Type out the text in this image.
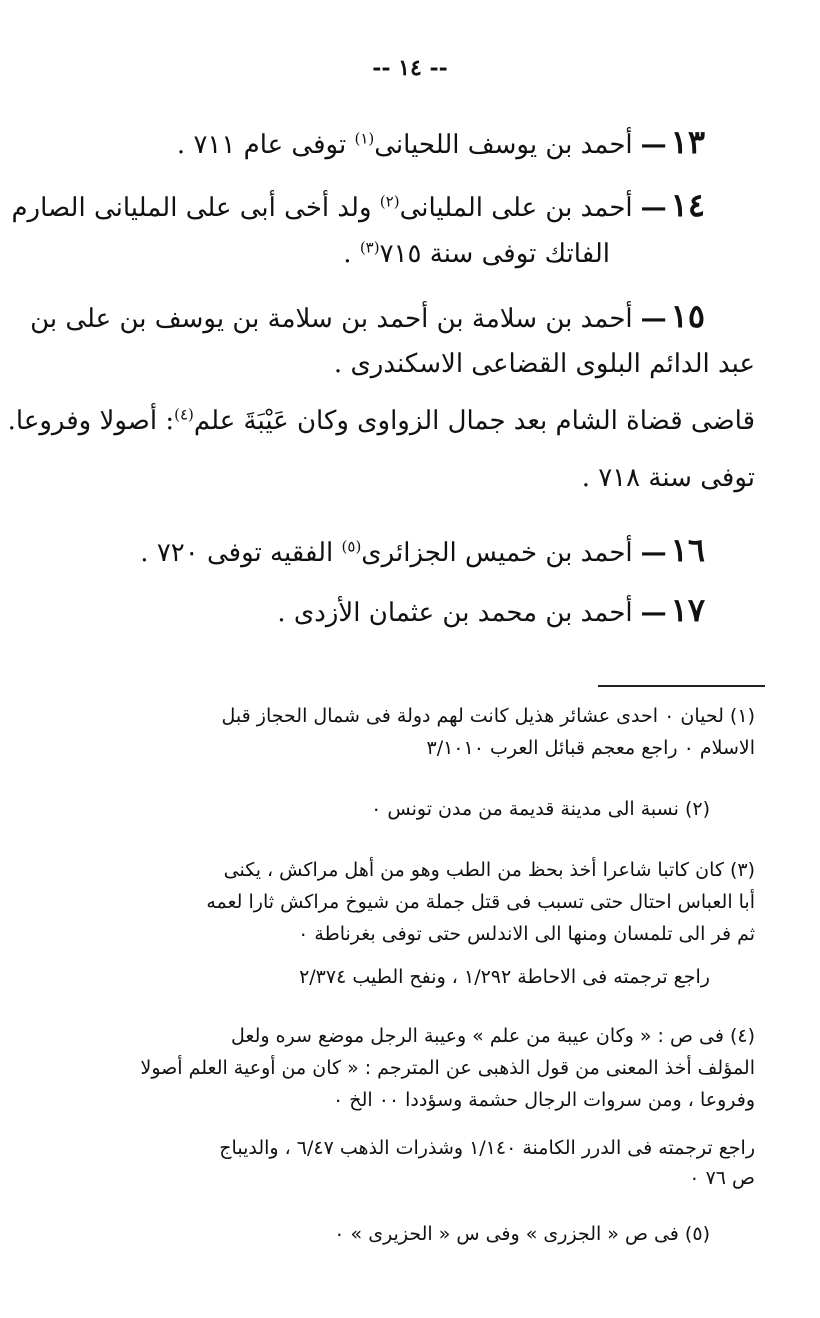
-- ١٤ --
١٣—أحمد بن يوسف اللحيانى$^{(١)}$ توفى عام ٧١١ .
١٤—أحمد بن على المليانى$^{(٢)}$ ولد أخى أبى على المليانى الصارم
الفاتك توفى سنة ٧١٥$^{(٣)}$ .
١٥—أحمد بن سلامة بن أحمد بن سلامة بن يوسف بن على بن
عبد الدائم البلوى القضاعى الاسكندرى .
قاضى قضاة الشام بعد جمال الزواوى وكان عَيْبَةَ علم$^{(٤)}$: أصولا وفروعا.
توفى سنة ٧١٨ .
١٦—أحمد بن خميس الجزائرى$^{(٥)}$ الفقيه توفى ٧٢٠ .
١٧—أحمد بن محمد بن عثمان الأزدى .
(١) لحيان ٠ احدى عشائر هذيل كانت لهم دولة فى شمال الحجاز قبل
الاسلام ٠ راجع معجم قبائل العرب ٣/١٠١٠
(٢) نسبة الى مدينة قديمة من مدن تونس ٠
(٣) كان كاتبا شاعرا أخذ بحظ من الطب وهو من أهل مراكش ، يكنى
أبا العباس احتال حتى تسبب فى قتل جملة من شيوخ مراكش ثارا لعمه
ثم فر الى تلمسان ومنها الى الاندلس حتى توفى بغرناطة ٠
راجع ترجمته فى الاحاطة ١/٢٩٢ ، ونفح الطيب ٢/٣٧٤
(٤) فى ص : « وكان عيبة من علم » وعيبة الرجل موضع سره ولعل
المؤلف أخذ المعنى من قول الذهبى عن المترجم : « كان من أوعية العلم أصولا
وفروعا ، ومن سروات الرجال حشمة وسؤددا ٠٠ الخ ٠
راجع ترجمته فى الدرر الكامنة ١/١٤٠ وشذرات الذهب ٦/٤٧ ، والديباج
ص ٧٦ ٠
(٥) فى ص « الجزرى » وفى س « الحزيرى » ٠
